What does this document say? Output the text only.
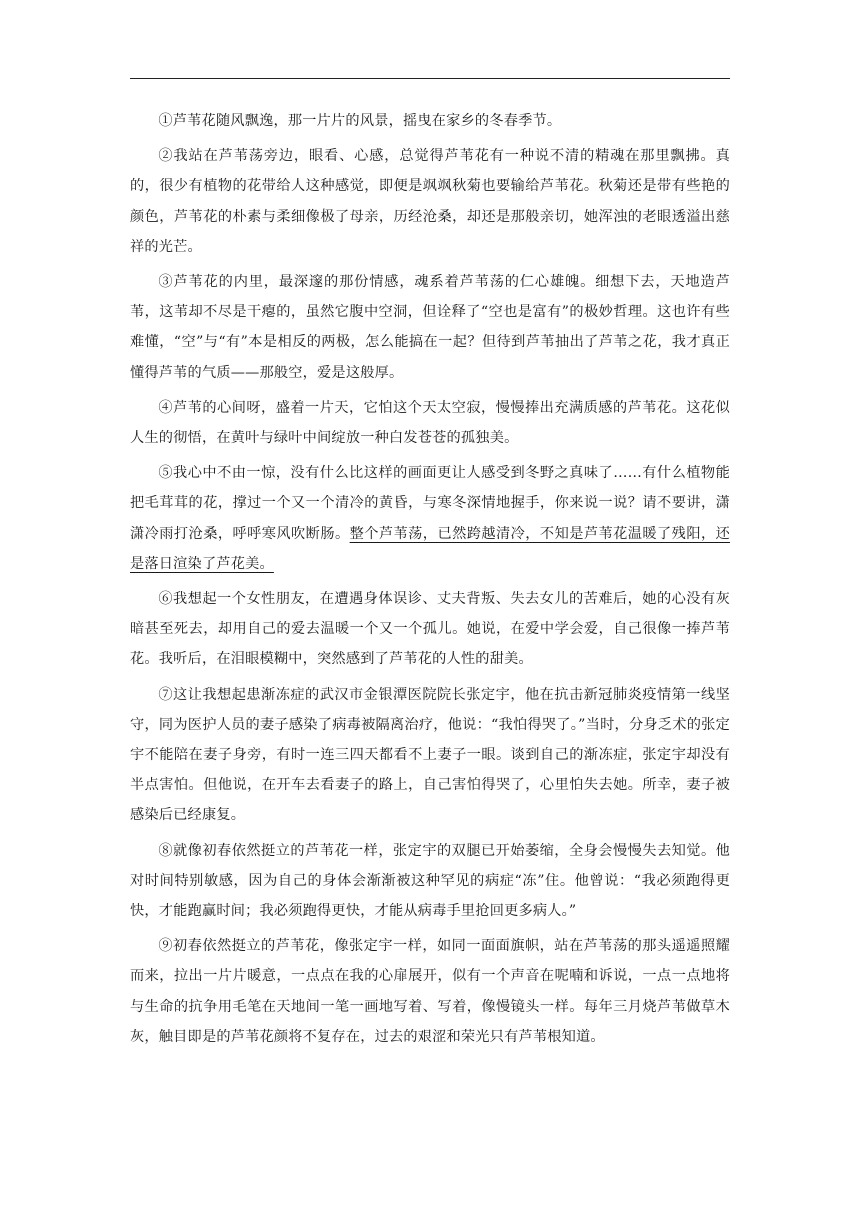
①芦苇花随风飘逸，那一片片的风景，摇曳在家乡的冬春季节。

②我站在芦苇荡旁边，眼看、心感，总觉得芦苇花有一种说不清的精魂在那里飘拂。真的，很少有植物的花带给人这种感觉，即便是飒飒秋菊也要输给芦苇花。秋菊还是带有些艳的颜色，芦苇花的朴素与柔细像极了母亲，历经沧桑，却还是那般亲切，她浑浊的老眼透溢出慈祥的光芒。

③芦苇花的内里，最深邃的那份情感，魂系着芦苇荡的仁心雄魄。细想下去，天地造芦苇，这苇却不尽是干瘪的，虽然它腹中空洞，但诠释了“空也是富有”的极妙哲理。这也许有些难懂，“空”与“有”本是相反的两极，怎么能搞在一起？但待到芦苇抽出了芦苇之花，我才真正懂得芦苇的气质——那般空，爱是这般厚。

④芦苇的心间呀，盛着一片天，它怕这个天太空寂，慢慢捧出充满质感的芦苇花。这花似人生的彻悟，在黄叶与绿叶中间绽放一种白发苍苍的孤独美。

⑤我心中不由一惊，没有什么比这样的画面更让人感受到冬野之真味了……有什么植物能把毛茸茸的花，撑过一个又一个清冷的黄昏，与寒冬深情地握手，你来说一说？请不要讲，潇潇冷雨打沧桑，呼呼寒风吹断肠。整个芦苇荡，已然跨越清冷，不知是芦苇花温暖了残阳，还是落日渲染了芦花美。

⑥我想起一个女性朋友，在遭遇身体误诊、丈夫背叛、失去女儿的苦难后，她的心没有灰暗甚至死去，却用自己的爱去温暖一个又一个孤儿。她说，在爱中学会爱，自己很像一捧芦苇花。我听后，在泪眼模糊中，突然感到了芦苇花的人性的甜美。

⑦这让我想起患渐冻症的武汉市金银潭医院院长张定宇，他在抗击新冠肺炎疫情第一线坚守，同为医护人员的妻子感染了病毒被隔离治疗，他说：“我怕得哭了。”当时，分身乏术的张定宇不能陪在妻子身旁，有时一连三四天都看不上妻子一眼。谈到自己的渐冻症，张定宇却没有半点害怕。但他说，在开车去看妻子的路上，自己害怕得哭了，心里怕失去她。所幸，妻子被感染后已经康复。

⑧就像初春依然挺立的芦苇花一样，张定宇的双腿已开始萎缩，全身会慢慢失去知觉。他对时间特别敏感，因为自己的身体会渐渐被这种罕见的病症“冻”住。他曾说：“我必须跑得更快，才能跑赢时间；我必须跑得更快，才能从病毒手里抢回更多病人。”

⑨初春依然挺立的芦苇花，像张定宇一样，如同一面面旗帜，站在芦苇荡的那头遥遥照耀而来，拉出一片片暖意，一点点在我的心扉展开，似有一个声音在呢喃和诉说，一点一点地将与生命的抗争用毛笔在天地间一笔一画地写着、写着，像慢镜头一样。每年三月烧芦苇做草木灰，触目即是的芦苇花颜将不复存在，过去的艰涩和荣光只有芦苇根知道。
